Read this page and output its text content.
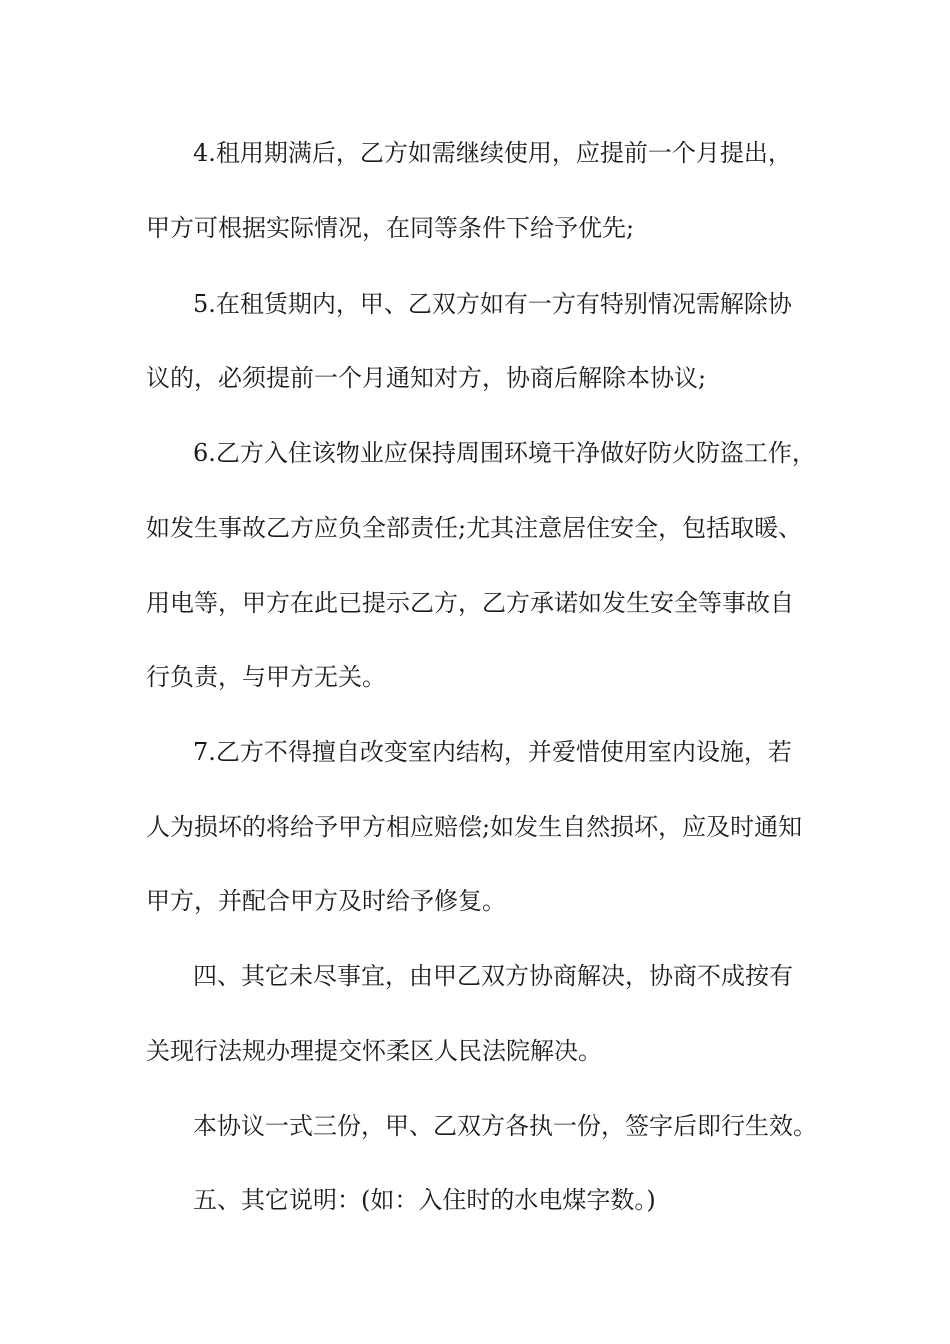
4.租用期满后，乙方如需继续使用，应提前一个月提出，
甲方可根据实际情况，在同等条件下给予优先;
5.在租赁期内，甲、乙双方如有一方有特别情况需解除协
议的，必须提前一个月通知对方，协商后解除本协议;
6.乙方入住该物业应保持周围环境干净做好防火防盗工作，
如发生事故乙方应负全部责任;尤其注意居住安全，包括取暖、
用电等，甲方在此已提示乙方，乙方承诺如发生安全等事故自
行负责，与甲方无关。
7.乙方不得擅自改变室内结构，并爱惜使用室内设施，若
人为损坏的将给予甲方相应赔偿;如发生自然损坏，应及时通知
甲方，并配合甲方及时给予修复。
四、其它未尽事宜，由甲乙双方协商解决，协商不成按有
关现行法规办理提交怀柔区人民法院解决。
本协议一式三份，甲、乙双方各执一份，签字后即行生效。
五、其它说明：(如：入住时的水电煤字数。)
